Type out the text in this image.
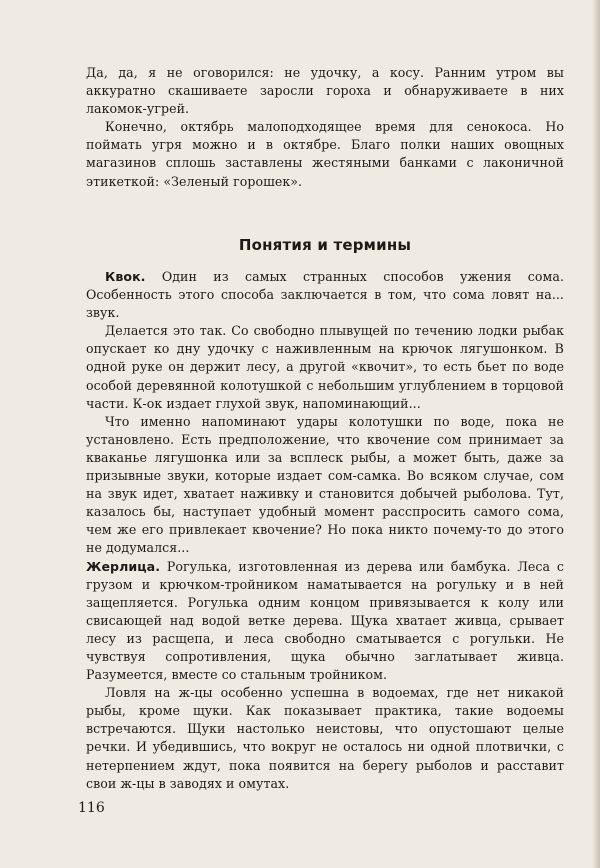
Да, да, я не оговорился: не удочку, а косу. Ранним утром вы аккуратно скашиваете заросли гороха и обнаруживаете в них лакомок-угрей.

Конечно, октябрь малоподходящее время для сенокоса. Но поймать угря можно и в октябре. Благо полки наших овощных магазинов сплошь заставлены жестяными банками с лаконичной этикеткой: «Зеленый горошек».

Понятия и термины

Квок. Один из самых странных способов ужения сома. Особенность этого способа заключается в том, что сома ловят на... звук.

Делается это так. Со свободно плывущей по течению лодки рыбак опускает ко дну удочку с наживленным на крючок лягушонком. В одной руке он держит лесу, а другой «квочит», то есть бьет по воде особой деревянной колотушкой с небольшим углублением в торцовой части. К-ок издает глухой звук, напоминающий...

Что именно напоминают удары колотушки по воде, пока не установлено. Есть предположение, что квочение сом принимает за кваканье лягушонка или за всплеск рыбы, а может быть, даже за призывные звуки, которые издает сом-самка. Во всяком случае, сом на звук идет, хватает наживку и становится добычей рыболова. Тут, казалось бы, наступает удобный момент расспросить самого сома, чем же его привлекает квочение? Но пока никто почему-то до этого не додумался...

Жерлица. Рогулька, изготовленная из дерева или бамбука. Леса с грузом и крючком-тройником наматывается на рогульку и в ней защепляется. Рогулька одним концом привязывается к колу или свисающей над водой ветке дерева. Щука хватает живца, срывает лесу из расщепа, и леса свободно сматывается с рогульки. Не чувствуя сопротивления, щука обычно заглатывает живца. Разумеется, вместе со стальным тройником.

Ловля на ж-цы особенно успешна в водоемах, где нет никакой рыбы, кроме щуки. Как показывает практика, такие водоемы встречаются. Щуки настолько неистовы, что опустошают целые речки. И убедившись, что вокруг не осталось ни одной плотвички, с нетерпением ждут, пока появится на берегу рыболов и расставит свои ж-цы в заводях и омутах.

116
